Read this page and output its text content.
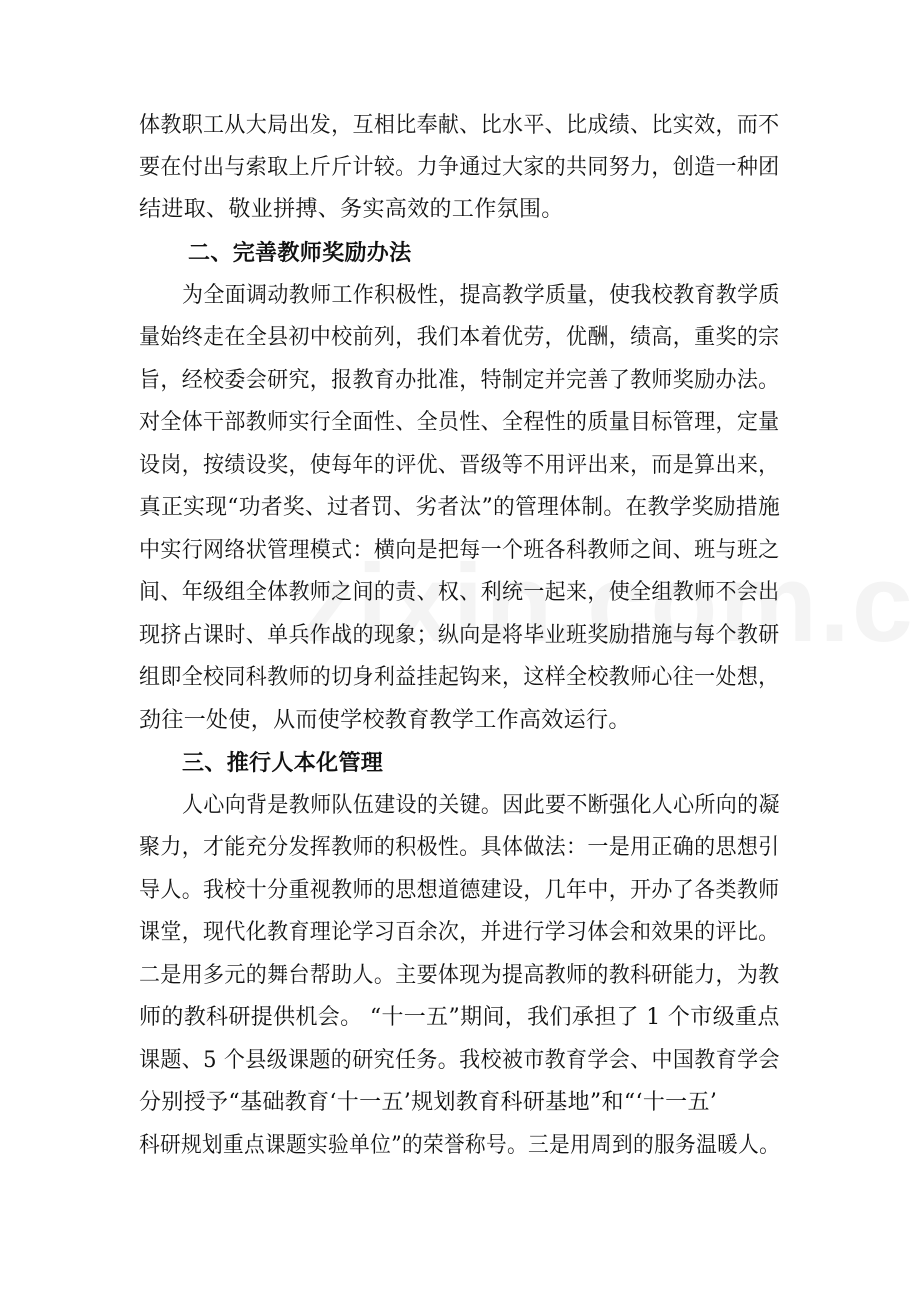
体教职工从大局出发，互相比奉献、比水平、比成绩、比实效，而不
要在付出与索取上斤斤计较。力争通过大家的共同努力，创造一种团
结进取、敬业拼搏、务实高效的工作氛围。
二、完善教师奖励办法
为全面调动教师工作积极性，提高教学质量，使我校教育教学质
量始终走在全县初中校前列，我们本着优劳，优酬，绩高，重奖的宗
旨，经校委会研究，报教育办批准，特制定并完善了教师奖励办法。
对全体干部教师实行全面性、全员性、全程性的质量目标管理，定量
设岗，按绩设奖，使每年的评优、晋级等不用评出来，而是算出来，
真正实现“功者奖、过者罚、劣者汰”的管理体制。在教学奖励措施
中实行网络状管理模式：横向是把每一个班各科教师之间、班与班之
间、年级组全体教师之间的责、权、利统一起来，使全组教师不会出
现挤占课时、单兵作战的现象；纵向是将毕业班奖励措施与每个教研
组即全校同科教师的切身利益挂起钩来，这样全校教师心往一处想，
劲往一处使，从而使学校教育教学工作高效运行。
三、推行人本化管理
人心向背是教师队伍建设的关键。因此要不断强化人心所向的凝
聚力，才能充分发挥教师的积极性。具体做法：一是用正确的思想引
导人。我校十分重视教师的思想道德建设，几年中，开办了各类教师
课堂，现代化教育理论学习百余次，并进行学习体会和效果的评比。
二是用多元的舞台帮助人。主要体现为提高教师的教科研能力，为教
师的教科研提供机会。 “十一五”期间，我们承担了 1 个市级重点
课题、5 个县级课题的研究任务。我校被市教育学会、中国教育学会
分别授予“基础教育‘十一五’规划教育科研基地”和“‘十一五’
科研规划重点课题实验单位”的荣誉称号。三是用周到的服务温暖人。
